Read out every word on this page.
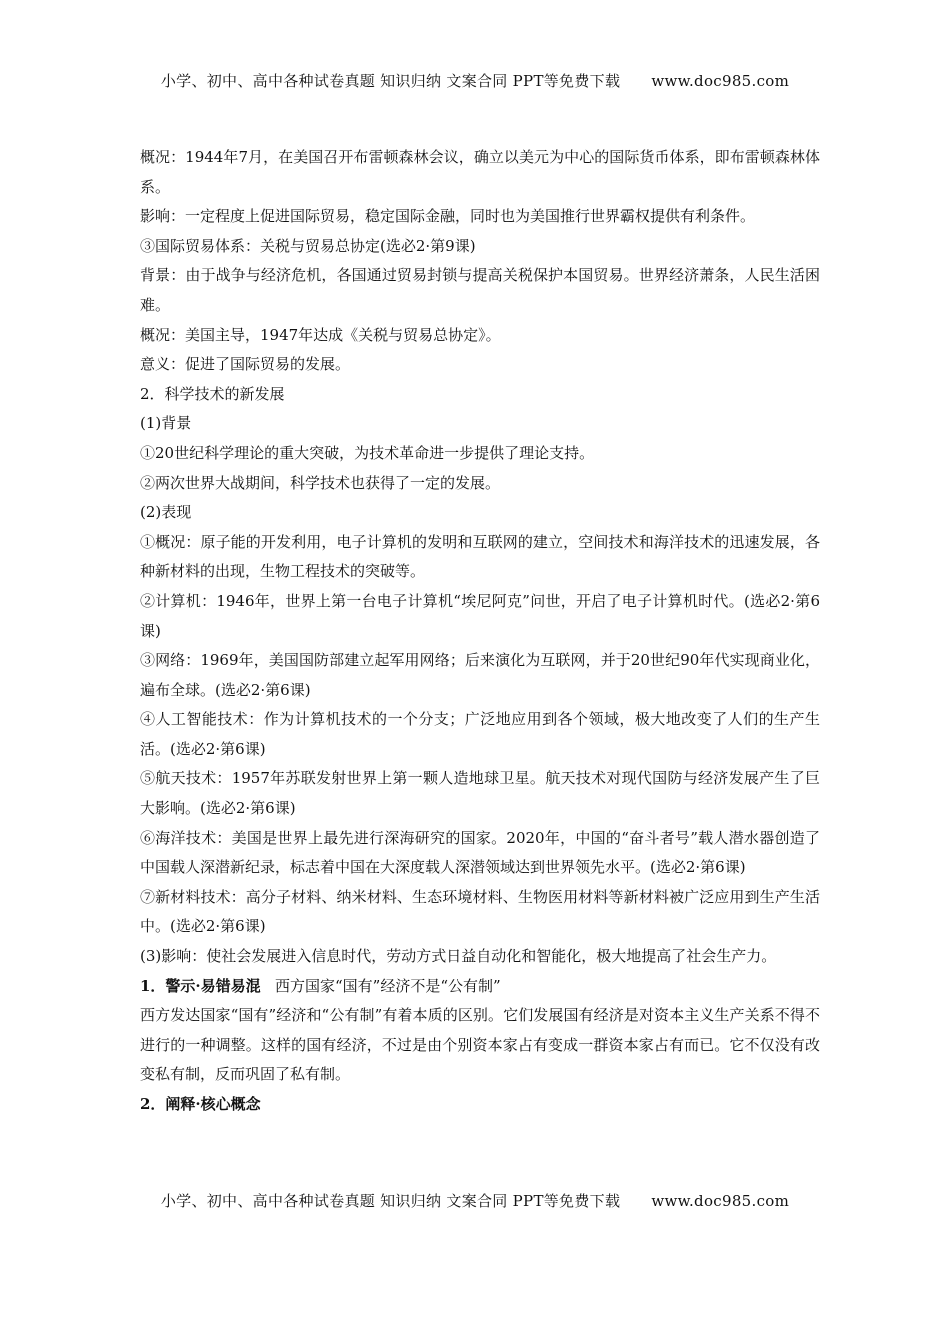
小学、初中、高中各种试卷真题 知识归纳 文案合同 PPT等免费下载 www.doc985.com

概况：1944年7月，在美国召开布雷顿森林会议，确立以美元为中心的国际货币体系，即布雷顿森林体系。

影响：一定程度上促进国际贸易，稳定国际金融，同时也为美国推行世界霸权提供有利条件。

③国际贸易体系：关税与贸易总协定(选必2·第9课)

背景：由于战争与经济危机，各国通过贸易封锁与提高关税保护本国贸易。世界经济萧条，人民生活困难。

概况：美国主导，1947年达成《关税与贸易总协定》。

意义：促进了国际贸易的发展。

2．科学技术的新发展

(1)背景

①20世纪科学理论的重大突破，为技术革命进一步提供了理论支持。

②两次世界大战期间，科学技术也获得了一定的发展。

(2)表现

①概况：原子能的开发利用，电子计算机的发明和互联网的建立，空间技术和海洋技术的迅速发展，各种新材料的出现，生物工程技术的突破等。

②计算机：1946年，世界上第一台电子计算机“埃尼阿克”问世，开启了电子计算机时代。(选必2·第6课)

③网络：1969年，美国国防部建立起军用网络；后来演化为互联网，并于20世纪90年代实现商业化，遍布全球。(选必2·第6课)

④人工智能技术：作为计算机技术的一个分支；广泛地应用到各个领域，极大地改变了人们的生产生活。(选必2·第6课)

⑤航天技术：1957年苏联发射世界上第一颗人造地球卫星。航天技术对现代国防与经济发展产生了巨大影响。(选必2·第6课)

⑥海洋技术：美国是世界上最先进行深海研究的国家。2020年，中国的“奋斗者号”载人潜水器创造了中国载人深潜新纪录，标志着中国在大深度载人深潜领域达到世界领先水平。(选必2·第6课)

⑦新材料技术：高分子材料、纳米材料、生态环境材料、生物医用材料等新材料被广泛应用到生产生活中。(选必2·第6课)

(3)影响：使社会发展进入信息时代，劳动方式日益自动化和智能化，极大地提高了社会生产力。

1．警示·易错易混 西方国家“国有”经济不是“公有制”

西方发达国家“国有”经济和“公有制”有着本质的区别。它们发展国有经济是对资本主义生产关系不得不进行的一种调整。这样的国有经济，不过是由个别资本家占有变成一群资本家占有而已。它不仅没有改变私有制，反而巩固了私有制。

2．阐释·核心概念

小学、初中、高中各种试卷真题 知识归纳 文案合同 PPT等免费下载 www.doc985.com
